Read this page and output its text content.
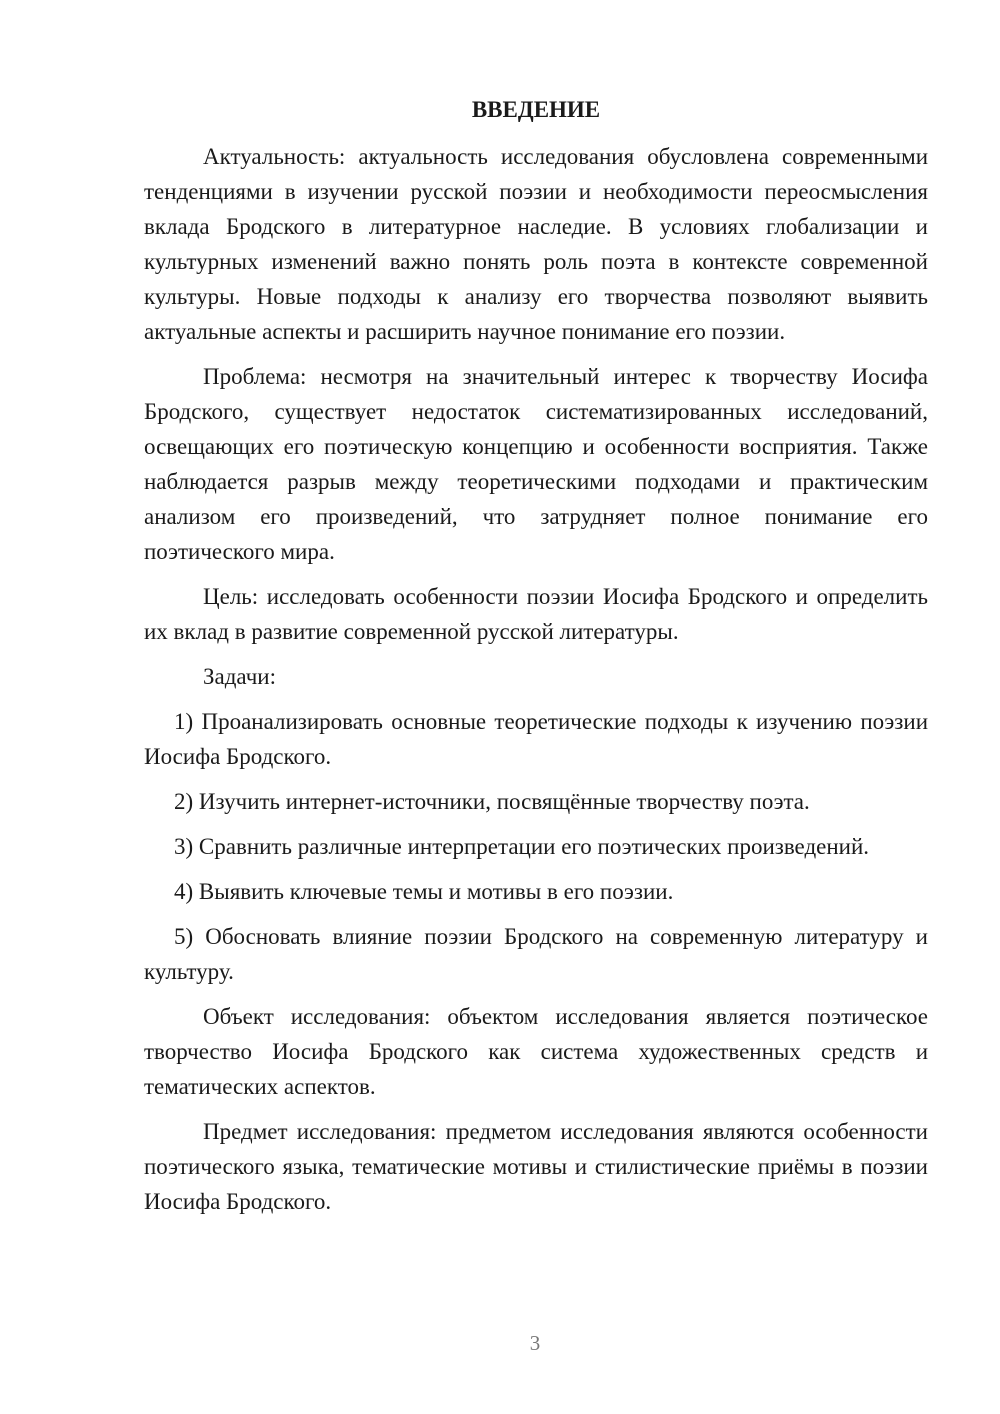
ВВЕДЕНИЕ

Актуальность: актуальность исследования обусловлена современными тенденциями в изучении русской поэзии и необходимости переосмысления вклада Бродского в литературное наследие. В условиях глобализации и культурных изменений важно понять роль поэта в контексте современной культуры. Новые подходы к анализу его творчества позволяют выявить актуальные аспекты и расширить научное понимание его поэзии.

Проблема: несмотря на значительный интерес к творчеству Иосифа Бродского, существует недостаток систематизированных исследований, освещающих его поэтическую концепцию и особенности восприятия. Также наблюдается разрыв между теоретическими подходами и практическим анализом его произведений, что затрудняет полное понимание его поэтического мира.

Цель: исследовать особенности поэзии Иосифа Бродского и определить их вклад в развитие современной русской литературы.

Задачи:

1) Проанализировать основные теоретические подходы к изучению поэзии Иосифа Бродского.

2) Изучить интернет-источники, посвящённые творчеству поэта.

3) Сравнить различные интерпретации его поэтических произведений.

4) Выявить ключевые темы и мотивы в его поэзии.

5) Обосновать влияние поэзии Бродского на современную литературу и культуру.

Объект исследования: объектом исследования является поэтическое творчество Иосифа Бродского как система художественных средств и тематических аспектов.

Предмет исследования: предметом исследования являются особенности поэтического языка, тематические мотивы и стилистические приёмы в поэзии Иосифа Бродского.

3
